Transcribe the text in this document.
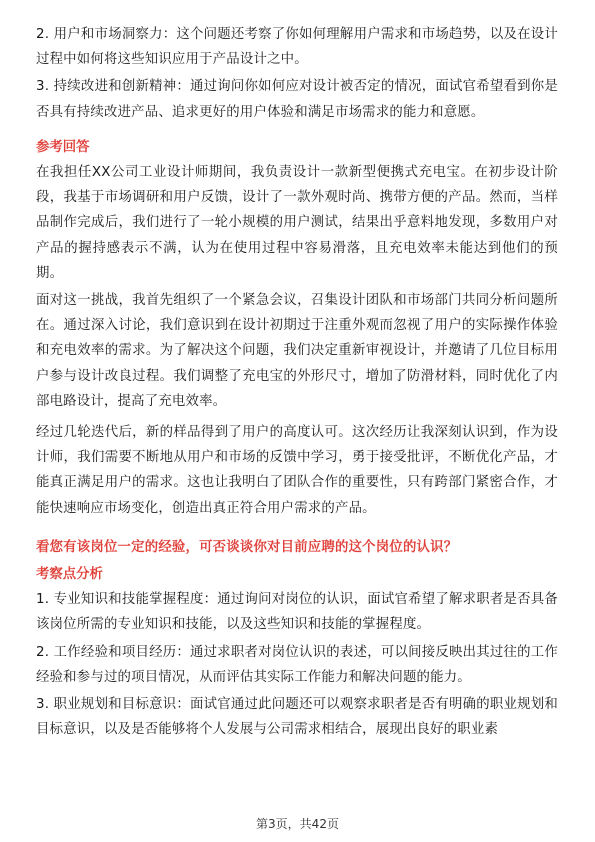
2. 用户和市场洞察力：这个问题还考察了你如何理解用户需求和市场趋势，以及在设计过程中如何将这些知识应用于产品设计之中。

3. 持续改进和创新精神：通过询问你如何应对设计被否定的情况，面试官希望看到你是否具有持续改进产品、追求更好的用户体验和满足市场需求的能力和意愿。

参考回答

在我担任XX公司工业设计师期间，我负责设计一款新型便携式充电宝。在初步设计阶段，我基于市场调研和用户反馈，设计了一款外观时尚、携带方便的产品。然而，当样品制作完成后，我们进行了一轮小规模的用户测试，结果出乎意料地发现，多数用户对产品的握持感表示不满，认为在使用过程中容易滑落，且充电效率未能达到他们的预期。

面对这一挑战，我首先组织了一个紧急会议，召集设计团队和市场部门共同分析问题所在。通过深入讨论，我们意识到在设计初期过于注重外观而忽视了用户的实际操作体验和充电效率的需求。为了解决这个问题，我们决定重新审视设计，并邀请了几位目标用户参与设计改良过程。我们调整了充电宝的外形尺寸，增加了防滑材料，同时优化了内部电路设计，提高了充电效率。

经过几轮迭代后，新的样品得到了用户的高度认可。这次经历让我深刻认识到，作为设计师，我们需要不断地从用户和市场的反馈中学习，勇于接受批评，不断优化产品，才能真正满足用户的需求。这也让我明白了团队合作的重要性，只有跨部门紧密合作，才能快速响应市场变化，创造出真正符合用户需求的产品。

看您有该岗位一定的经验，可否谈谈你对目前应聘的这个岗位的认识？
考察点分析

1. 专业知识和技能掌握程度：通过询问对岗位的认识，面试官希望了解求职者是否具备该岗位所需的专业知识和技能，以及这些知识和技能的掌握程度。

2. 工作经验和项目经历：通过求职者对岗位认识的表述，可以间接反映出其过往的工作经验和参与过的项目情况，从而评估其实际工作能力和解决问题的能力。

3. 职业规划和目标意识：面试官通过此问题还可以观察求职者是否有明确的职业规划和目标意识，以及是否能够将个人发展与公司需求相结合，展现出良好的职业素

第3页，共42页
